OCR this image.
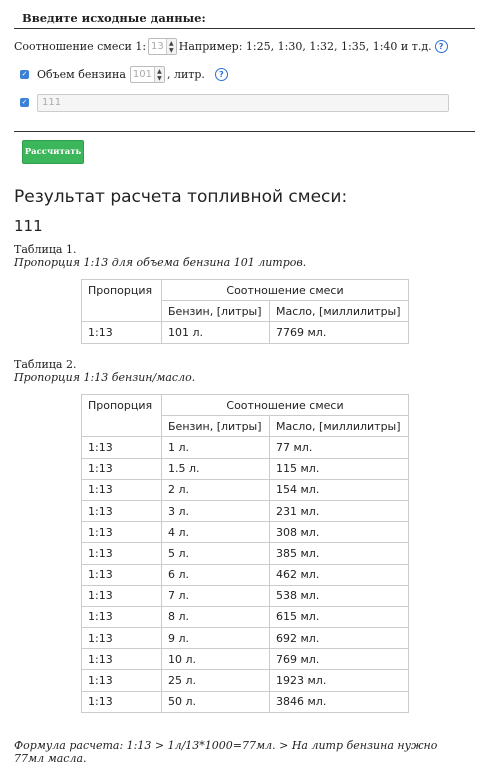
Введите исходные данные:
Соотношение смеси 1: 13 ▲
▼ Например: 1:25, 1:30, 1:32, 1:35, 1:40 и т.д. ?
✓ Объем бензина 101 ▲
▼ , литр.	?
✓	111
Рассчитать
Результат расчета топливной смеси:
111
Таблица 1.
Пропорция 1:13 для объема бензина 101 литров.
Пропорция	Соотношение смеси	
	Бензин, [литры]	Масло, [миллилитры]
1:13	101 л.	7769 мл.
Таблица 2.
Пропорция 1:13 бензин/масло.
Пропорция	Соотношение смеси	
	Бензин, [литры]	Масло, [миллилитры]
1:13	1 л.	77 мл.
1:13	1.5 л.	115 мл.
1:13	2 л.	154 мл.
1:13	3 л.	231 мл.
1:13	4 л.	308 мл.
1:13	5 л.	385 мл.
1:13	6 л.	462 мл.
1:13	7 л.	538 мл.
1:13	8 л.	615 мл.
1:13	9 л.	692 мл.
1:13	10 л.	769 мл.
1:13	25 л.	1923 мл.
1:13	50 л.	3846 мл.
Формула расчета: 1:13 > 1л/13*1000=77мл. > На литр бензина нужно 77мл масла.
